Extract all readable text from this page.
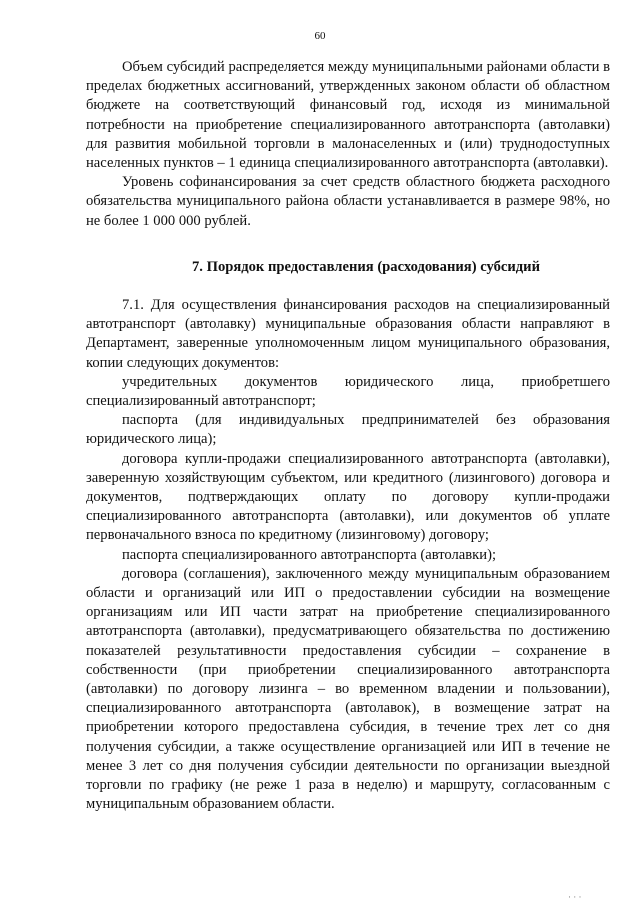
60

Объем субсидий распределяется между муниципальными районами области в пределах бюджетных ассигнований, утвержденных законом области об областном бюджете на соответствующий финансовый год, исходя из минимальной потребности на приобретение специализированного автотранспорта (автолавки) для развития мобильной торговли в малонаселенных и (или) труднодоступных населенных пунктов – 1 единица специализированного автотранспорта (автолавки).

Уровень софинансирования за счет средств областного бюджета расходного обязательства муниципального района области устанавливается в размере 98%, но не более 1 000 000 рублей.

7. Порядок предоставления (расходования) субсидий

7.1. Для осуществления финансирования расходов на специализированный автотранспорт (автолавку) муниципальные образования области направляют в Департамент, заверенные уполномоченным лицом муниципального образования, копии следующих документов:

учредительных документов юридического лица, приобретшего специализированный автотранспорт;

паспорта (для индивидуальных предпринимателей без образования юридического лица);

договора купли-продажи специализированного автотранспорта (автолавки), заверенную хозяйствующим субъектом, или кредитного (лизингового) договора и документов, подтверждающих оплату по договору купли-продажи специализированного автотранспорта (автолавки), или документов об уплате первоначального взноса по кредитному (лизинговому) договору;

паспорта специализированного автотранспорта (автолавки);

договора (соглашения), заключенного между муниципальным образованием области и организаций или ИП о предоставлении субсидии на возмещение организациям или ИП части затрат на приобретение специализированного автотранспорта (автолавки), предусматривающего обязательства по достижению показателей результативности предоставления субсидии – сохранение в собственности (при приобретении специализированного автотранспорта (автолавки) по договору лизинга – во временном владении и пользовании), специализированного автотранспорта (автолавок), в возмещение затрат на приобретении которого предоставлена субсидия, в течение трех лет со дня получения субсидии, а также осуществление организацией или ИП в течение не менее 3 лет со дня получения субсидии деятельности по организации выездной торговли по графику (не реже 1 раза в неделю) и маршруту, согласованным с муниципальным образованием области.

· · ·
